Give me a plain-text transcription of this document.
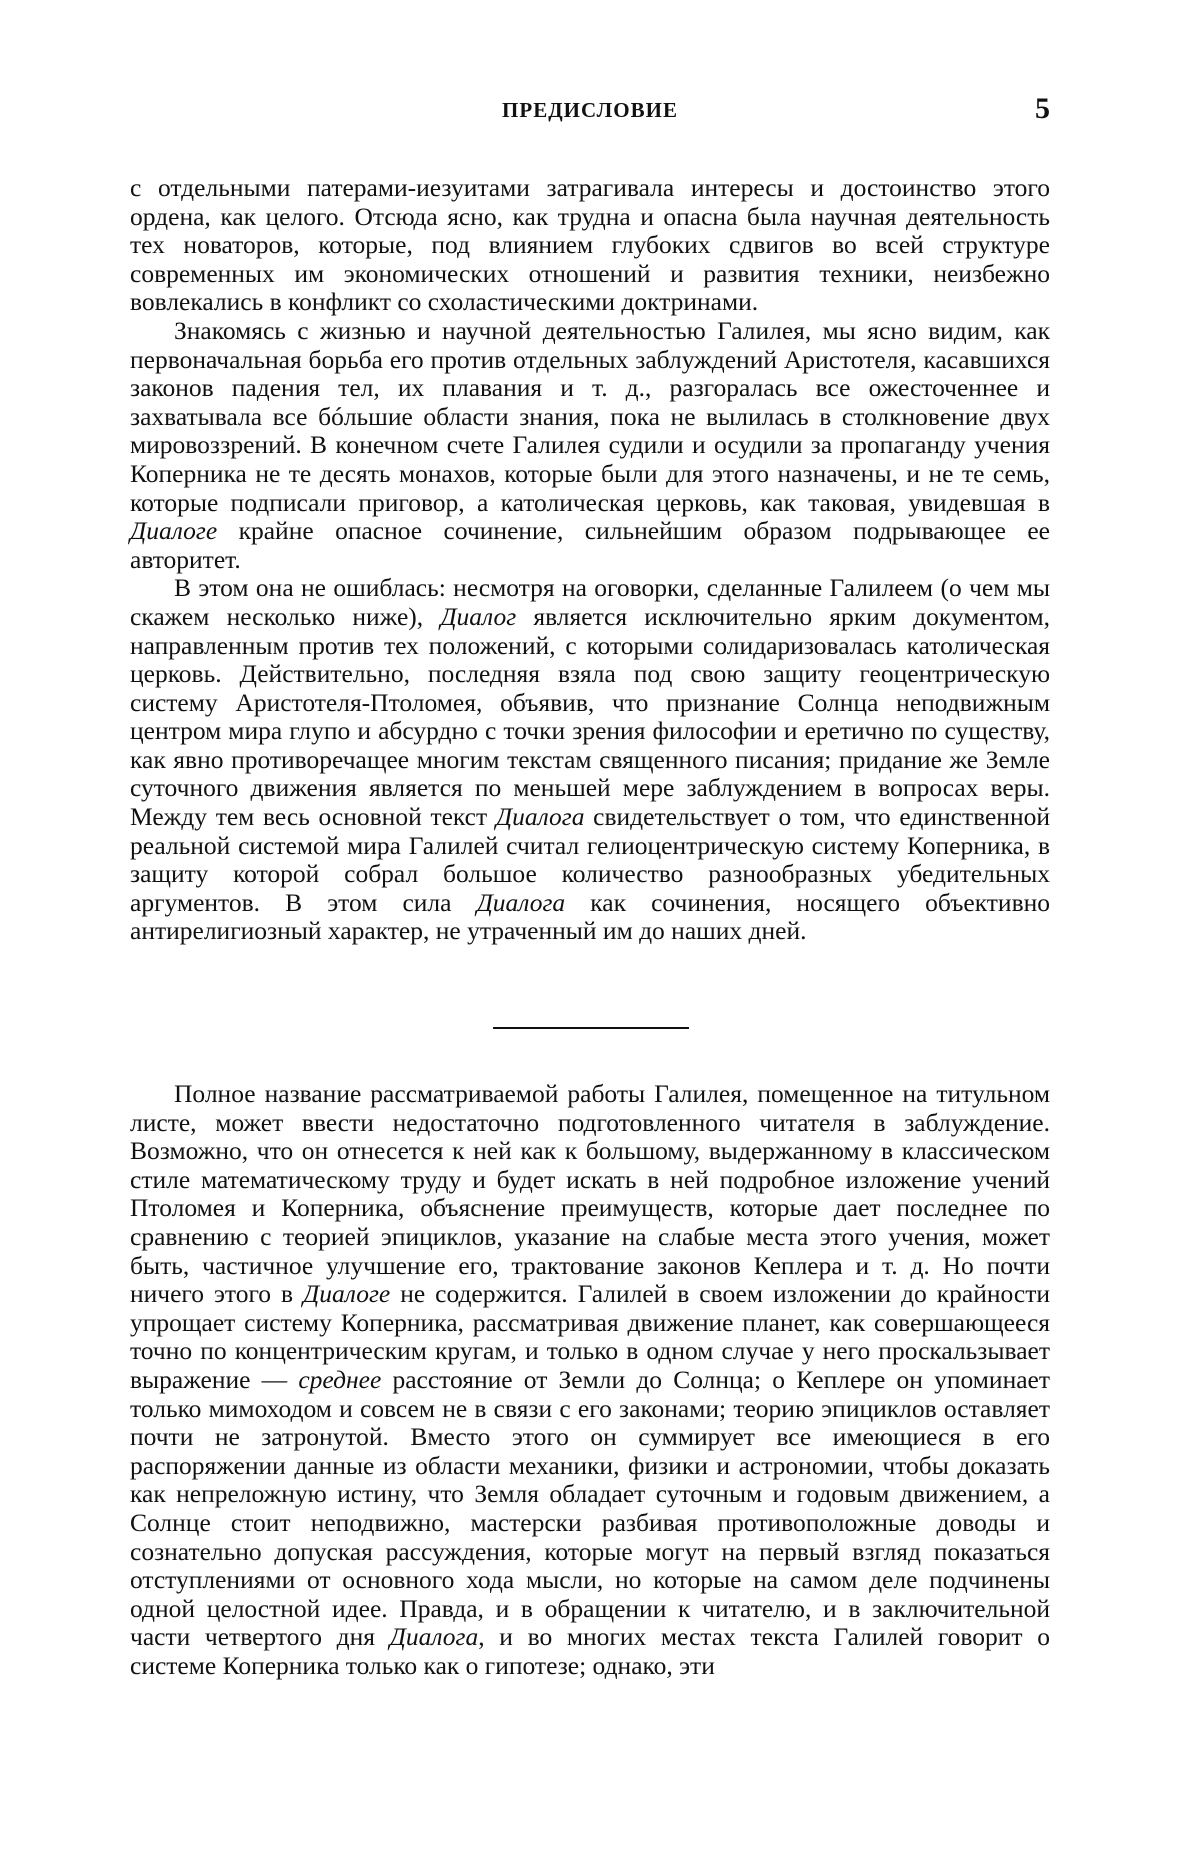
ПРЕДИСЛОВИЕ	5

с отдельными патерами-иезуитами затрагивала интересы и достоинство этого ордена, как целого. Отсюда ясно, как трудна и опасна была научная деятельность тех новаторов, которые, под влиянием глубоких сдвигов во всей структуре современных им экономических отношений и развития техники, неизбежно вовлекались в конфликт со схоластическими доктринами.

Знакомясь с жизнью и научной деятельностью Галилея, мы ясно видим, как первоначальная борьба его против отдельных заблуждений Аристотеля, касавшихся законов падения тел, их плавания и т. д., разгоралась все ожесточеннее и захватывала все бóльшие области знания, пока не вылилась в столкновение двух мировоззрений. В конечном счете Галилея судили и осудили за пропаганду учения Коперника не те десять монахов, которые были для этого назначены, и не те семь, которые подписали приговор, а католическая церковь, как таковая, увидевшая в Диалоге крайне опасное сочинение, сильнейшим образом подрывающее ее авторитет.

В этом она не ошиблась: несмотря на оговорки, сделанные Галилеем (о чем мы скажем несколько ниже), Диалог является исключительно ярким документом, направленным против тех положений, с которыми солидаризовалась католическая церковь. Действительно, последняя взяла под свою защиту геоцентрическую систему Аристотеля-Птоломея, объявив, что признание Солнца неподвижным центром мира глупо и абсурдно с точки зрения философии и еретично по существу, как явно противоречащее многим текстам священного писания; придание же Земле суточного движения является по меньшей мере заблуждением в вопросах веры. Между тем весь основной текст Диалога свидетельствует о том, что единственной реальной системой мира Галилей считал гелиоцентрическую систему Коперника, в защиту которой собрал большое количество разнообразных убедительных аргументов. В этом сила Диалога как сочинения, носящего объективно антирелигиозный характер, не утраченный им до наших дней.

Полное название рассматриваемой работы Галилея, помещенное на титульном листе, может ввести недостаточно подготовленного читателя в заблуждение. Возможно, что он отнесется к ней как к большому, выдержанному в классическом стиле математическому труду и будет искать в ней подробное изложение учений Птоломея и Коперника, объяснение преимуществ, которые дает последнее по сравнению с теорией эпициклов, указание на слабые места этого учения, может быть, частичное улучшение его, трактование законов Кеплера и т. д. Но почти ничего этого в Диалоге не содержится. Галилей в своем изложении до крайности упрощает систему Коперника, рассматривая движение планет, как совершающееся точно по концентрическим кругам, и только в одном случае у него проскальзывает выражение — среднее расстояние от Земли до Солнца; о Кеплере он упоминает только мимоходом и совсем не в связи с его законами; теорию эпициклов оставляет почти не затронутой. Вместо этого он суммирует все имеющиеся в его распоряжении данные из области механики, физики и астрономии, чтобы доказать как непреложную истину, что Земля обладает суточным и годовым движением, а Солнце стоит неподвижно, мастерски разбивая противоположные доводы и сознательно допуская рассуждения, которые могут на первый взгляд показаться отступлениями от основного хода мысли, но которые на самом деле подчинены одной целостной идее. Правда, и в обращении к читателю, и в заключительной части четвертого дня Диалога, и во многих местах текста Галилей говорит о системе Коперника только как о гипотезе; однако, эти
